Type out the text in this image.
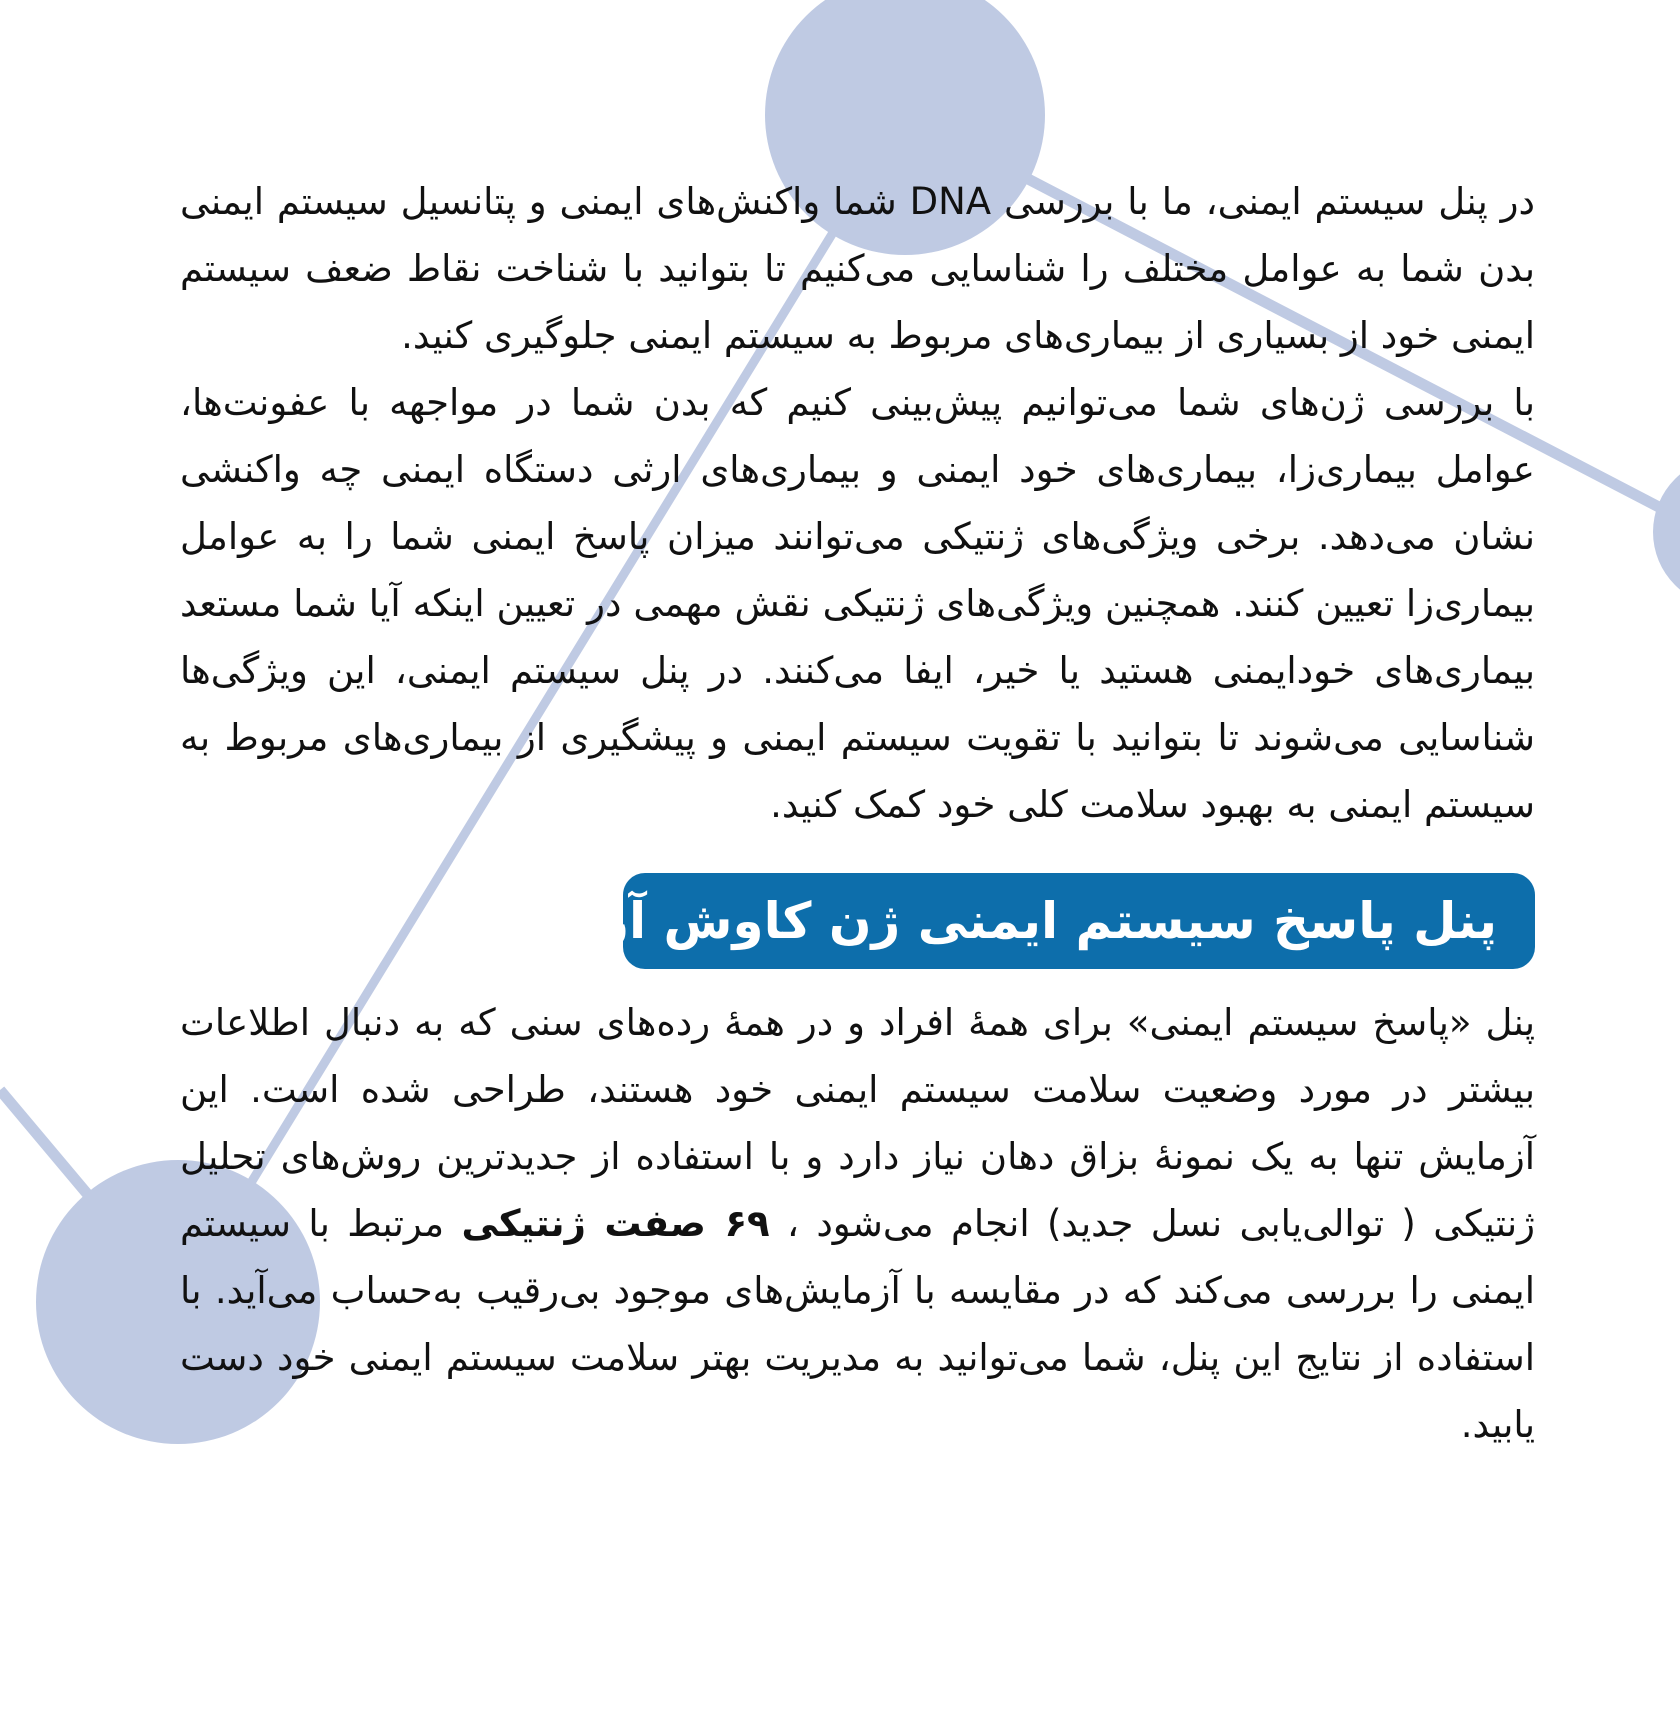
در پنل سیستم ایمنی، ما با بررسی DNA شما واکنش‌های ایمنی و پتانسیل سیستم ایمنی بدن شما به عوامل مختلف را شناسایی می‌کنیم تا بتوانید با شناخت نقاط ضعف سیستم ایمنی خود از بسیاری از بیماری‌های مربوط به سیستم ایمنی جلوگیری کنید.

با بررسی ژن‌های شما می‌توانیم پیش‌بینی کنیم که بدن شما در مواجهه با عفونت‌ها، عوامل بیماری‌زا، بیماری‌های خود ایمنی و بیماری‌های ارثی دستگاه ایمنی چه واکنشی نشان می‌دهد. برخی ویژگی‌های ژنتیکی می‌توانند میزان پاسخ ایمنی شما را به عوامل بیماری‌زا تعیین کنند. همچنین ویژگی‌های ژنتیکی نقش مهمی در تعیین اینکه آیا شما مستعد بیماری‌های خودایمنی هستید یا خیر، ایفا می‌کنند. در پنل سیستم ایمنی، این ویژگی‌ها شناسایی می‌شوند تا بتوانید با تقویت سیستم ایمنی و پیشگیری از بیماری‌های مربوط به سیستم ایمنی به بهبود سلامت کلی خود کمک کنید.

پنل پاسخ سیستم ایمنی ژن کاوش آزما

پنل «پاسخ سیستم ایمنی» برای همهٔ افراد و در همهٔ رده‌های سنی که به دنبال اطلاعات بیشتر در مورد وضعیت سلامت سیستم ایمنی خود هستند، طراحی شده است. این آزمایش تنها به یک نمونهٔ بزاق دهان نیاز دارد و با استفاده از جدیدترین روش‌های تحلیل ژنتیکی ( توالی‌یابی نسل جدید) انجام می‌شود ، ۶۹ صفت ژنتیکی مرتبط با سیستم ایمنی را بررسی می‌کند که در مقایسه با آزمایش‌های موجود بی‌رقیب به‌حساب می‌آید. با استفاده از نتایج این پنل، شما می‌توانید به مدیریت بهتر سلامت سیستم ایمنی خود دست یابید.
